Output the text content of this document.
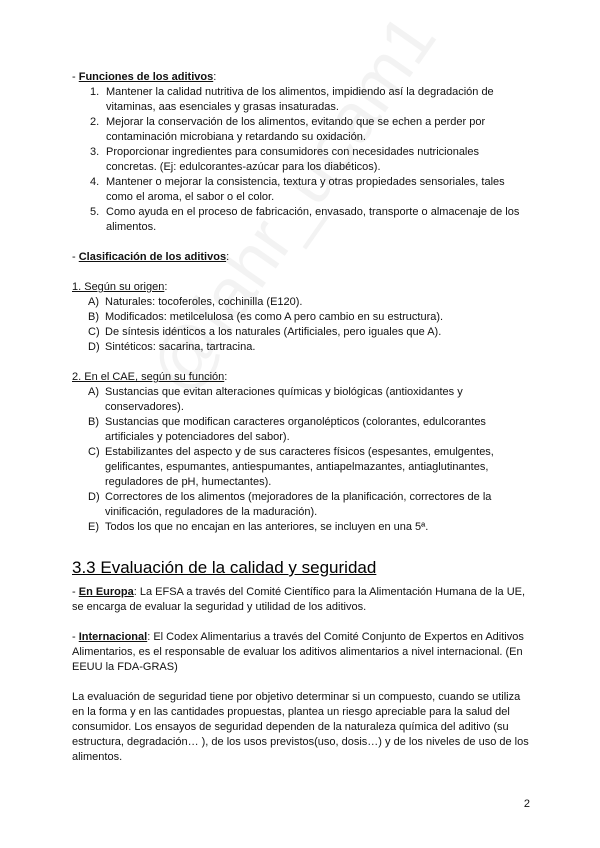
- Funciones de los aditivos:

1. Mantener la calidad nutritiva de los alimentos, impidiendo así la degradación de vitaminas, aas esenciales y grasas insaturadas.
2. Mejorar la conservación de los alimentos, evitando que se echen a perder por contaminación microbiana y retardando su oxidación.
3. Proporcionar ingredientes para consumidores con necesidades nutricionales concretas. (Ej: edulcorantes-azúcar para los diabéticos).
4. Mantener o mejorar la consistencia, textura y otras propiedades sensoriales, tales como el aroma, el sabor o el color.
5. Como ayuda en el proceso de fabricación, envasado, transporte o almacenaje de los alimentos.

- Clasificación de los aditivos:

1. Según su origen:

A) Naturales: tocoferoles, cochinilla (E120).
B) Modificados: metilcelulosa (es como A pero cambio en su estructura).
C) De síntesis idénticos a los naturales (Artificiales, pero iguales que A).
D) Sintéticos: sacarina, tartracina.

2. En el CAE, según su función:

A) Sustancias que evitan alteraciones químicas y biológicas (antioxidantes y conservadores).
B) Sustancias que modifican caracteres organolépticos (colorantes, edulcorantes artificiales y potenciadores del sabor).
C) Estabilizantes del aspecto y de sus caracteres físicos (espesantes, emulgentes, gelificantes, espumantes, antiespumantes, antiapelmazantes, antiaglutinantes, reguladores de pH, humectantes).
D) Correctores de los alimentos (mejoradores de la planificación, correctores de la vinificación, reguladores de la maduración).
E) Todos los que no encajan en las anteriores, se incluyen en una 5ª.
3.3 Evaluación de la calidad y seguridad

- En Europa: La EFSA a través del Comité Científico para la Alimentación Humana de la UE, se encarga de evaluar la seguridad y utilidad de los aditivos.

- Internacional: El Codex Alimentarius a través del Comité Conjunto de Expertos en Aditivos Alimentarios, es el responsable de evaluar los aditivos alimentarios a nivel internacional. (En EEUU la FDA-GRAS)

La evaluación de seguridad tiene por objetivo determinar si un compuesto, cuando se utiliza en la forma y en las cantidades propuestas, plantea un riesgo apreciable para la salud del consumidor. Los ensayos de seguridad dependen de la naturaleza química del aditivo (su estructura, degradación… ), de los usos previstos(uso, dosis…) y de los niveles de uso de los alimentos.

2
